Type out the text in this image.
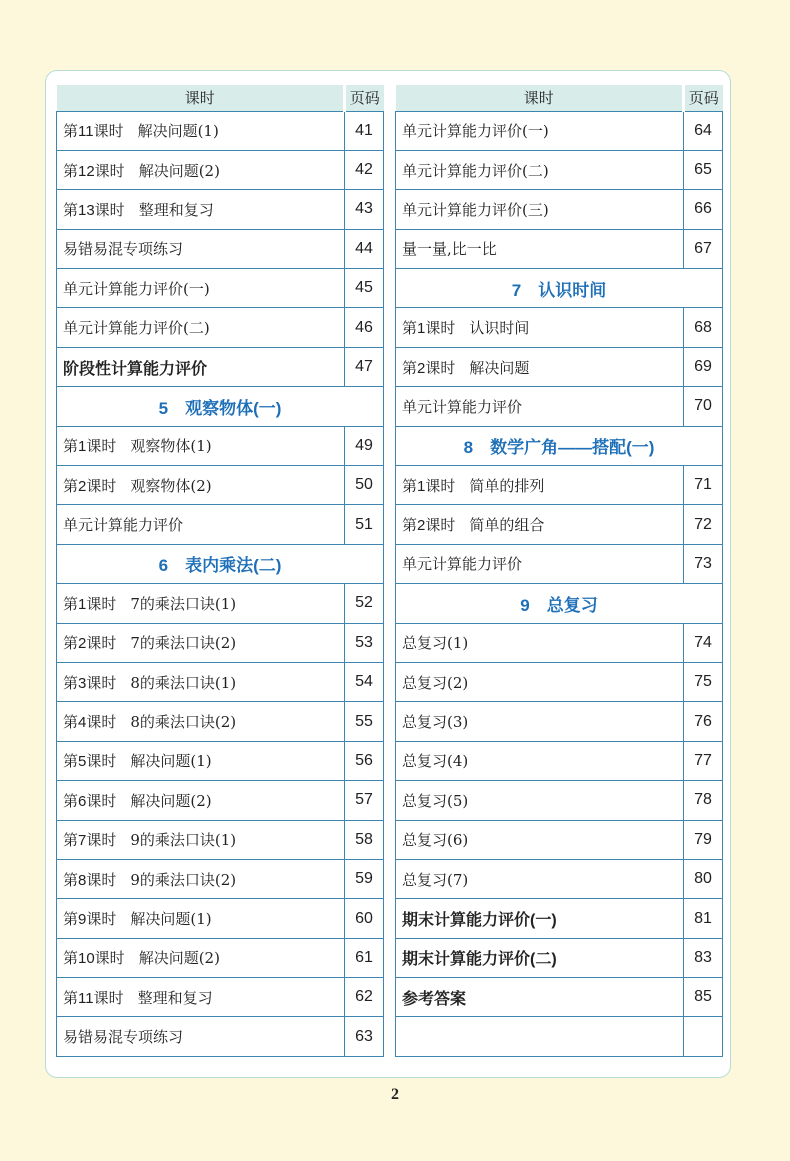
课时	页码
第11课时 解决问题(1)	41
第12课时 解决问题(2)	42
第13课时 整理和复习	43
易错易混专项练习	44
单元计算能力评价(一)	45
单元计算能力评价(二)	46
阶段性计算能力评价	47
5　观察物体(一)	
第1课时 观察物体(1)	49
第2课时 观察物体(2)	50
单元计算能力评价	51
6　表内乘法(二)	
第1课时 7的乘法口诀(1)	52
第2课时 7的乘法口诀(2)	53
第3课时 8的乘法口诀(1)	54
第4课时 8的乘法口诀(2)	55
第5课时 解决问题(1)	56
第6课时 解决问题(2)	57
第7课时 9的乘法口诀(1)	58
第8课时 9的乘法口诀(2)	59
第9课时 解决问题(1)	60
第10课时 解决问题(2)	61
第11课时 整理和复习	62
易错易混专项练习	63
课时	页码
单元计算能力评价(一)	64
单元计算能力评价(二)	65
单元计算能力评价(三)	66
量一量,比一比	67
7　认识时间	
第1课时 认识时间	68
第2课时 解决问题	69
单元计算能力评价	70
8　数学广角——搭配(一)	
第1课时 简单的排列	71
第2课时 简单的组合	72
单元计算能力评价	73
9　总复习	
总复习(1)	74
总复习(2)	75
总复习(3)	76
总复习(4)	77
总复习(5)	78
总复习(6)	79
总复习(7)	80
期末计算能力评价(一)	81
期末计算能力评价(二)	83
参考答案	85

2
